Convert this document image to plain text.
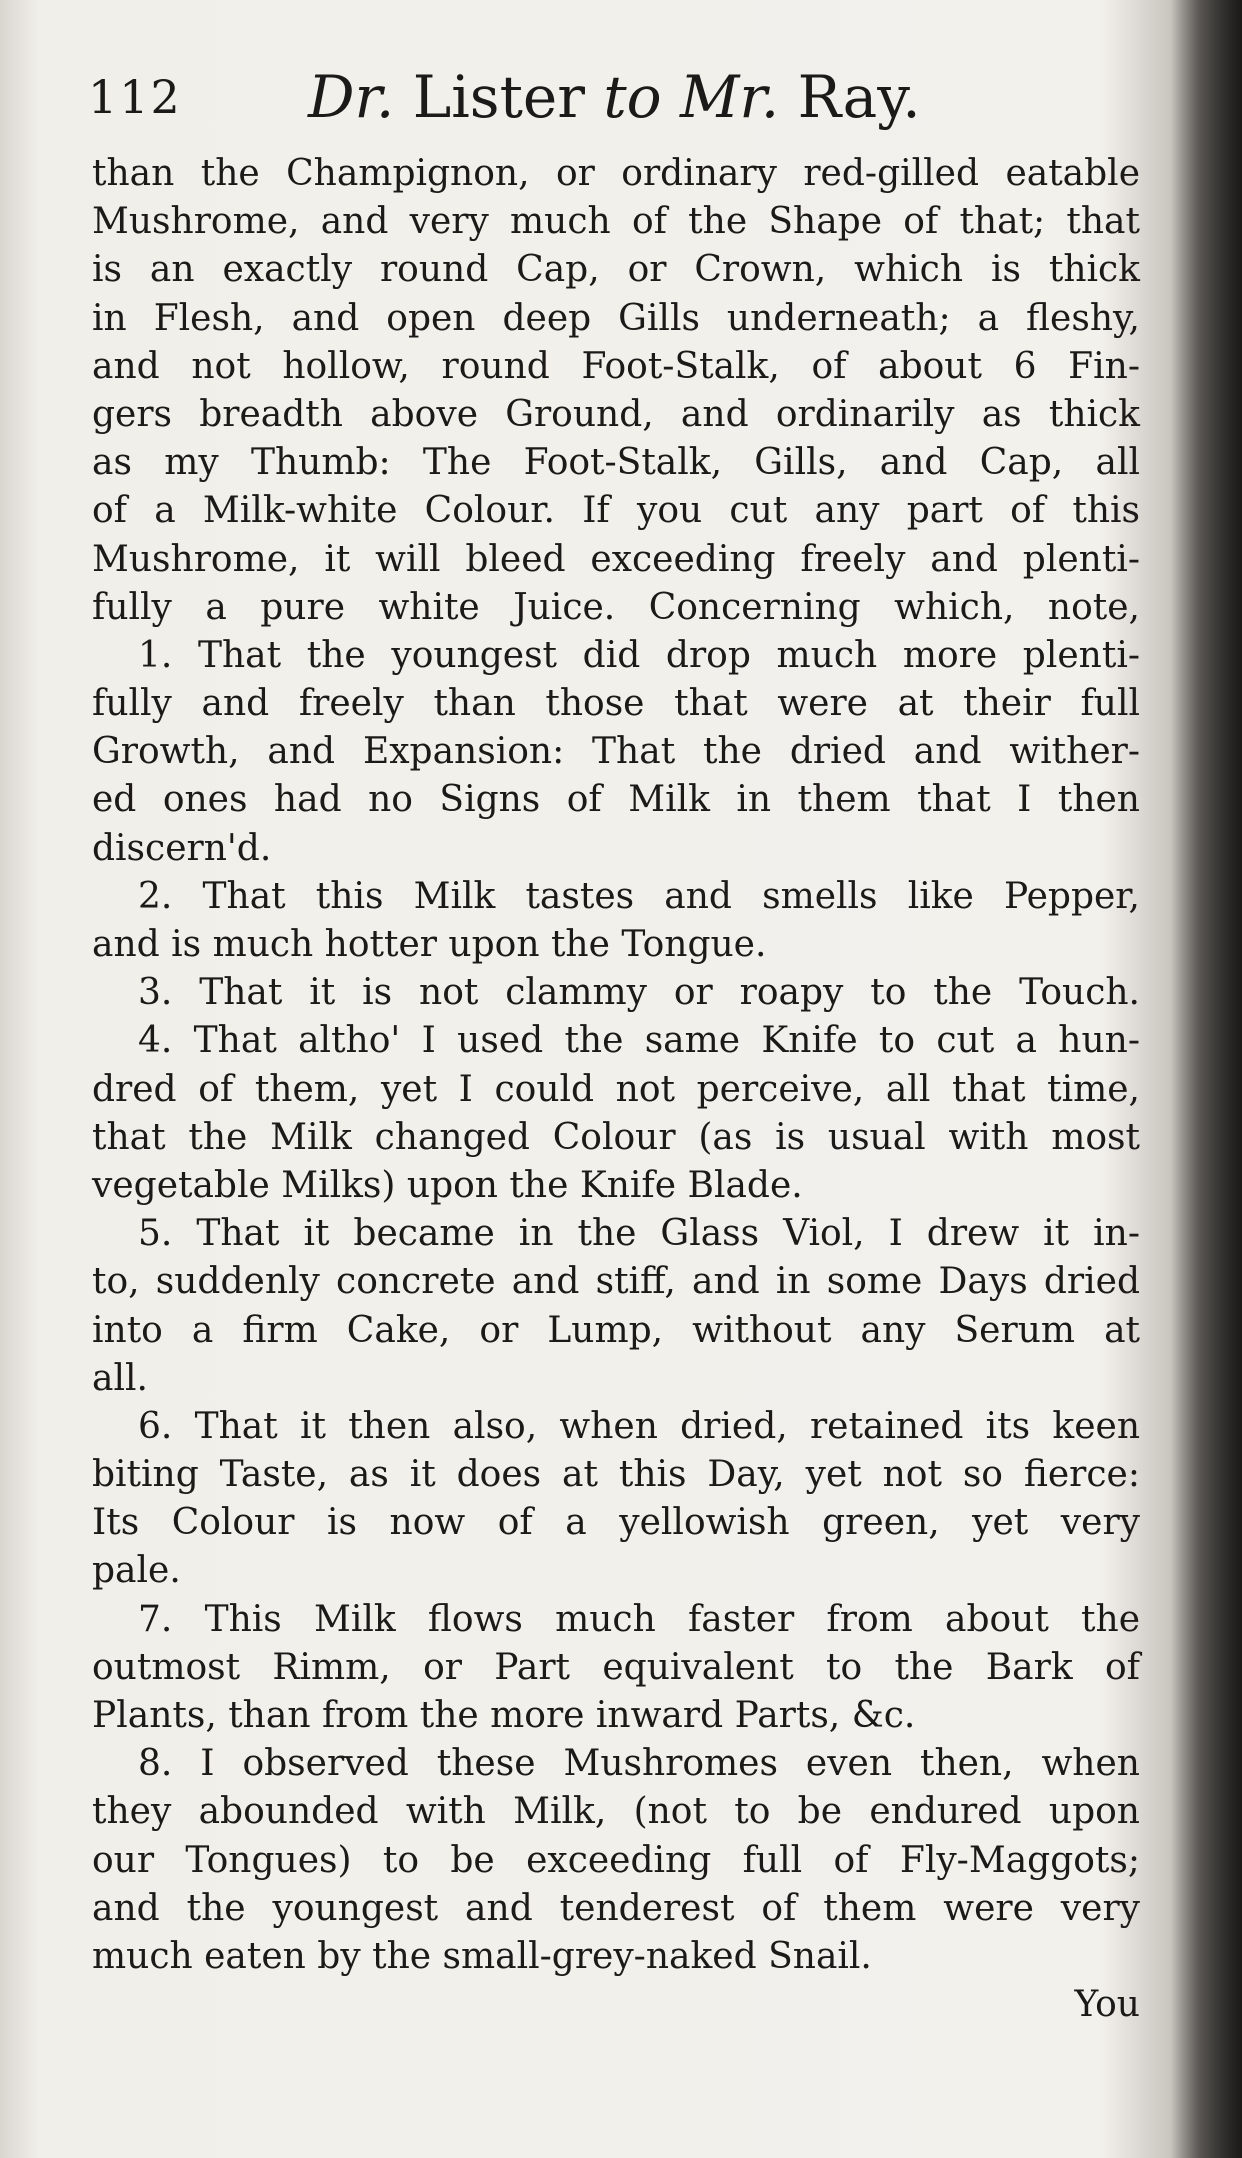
112 Dr. Lister to Mr. Ray.
than the Champignon, or ordinary red-gilled eatable
Mushrome, and very much of the Shape of that; that
is an exactly round Cap, or Crown, which is thick
in Flesh, and open deep Gills underneath; a fleshy,
and not hollow, round Foot-Stalk, of about 6 Fin-
gers breadth above Ground, and ordinarily as thick
as my Thumb: The Foot-Stalk, Gills, and Cap, all
of a Milk-white Colour. If you cut any part of this
Mushrome, it will bleed exceeding freely and plenti-
fully a pure white Juice. Concerning which, note,
1. That the youngest did drop much more plenti-
fully and freely than those that were at their full
Growth, and Expansion: That the dried and wither-
ed ones had no Signs of Milk in them that I then
discern'd.
2. That this Milk tastes and smells like Pepper,
and is much hotter upon the Tongue.
3. That it is not clammy or roapy to the Touch.
4. That altho' I used the same Knife to cut a hun-
dred of them, yet I could not perceive, all that time,
that the Milk changed Colour (as is usual with most
vegetable Milks) upon the Knife Blade.
5. That it became in the Glass Viol, I drew it in-
to, suddenly concrete and stiff, and in some Days dried
into a firm Cake, or Lump, without any Serum at
all.
6. That it then also, when dried, retained its keen
biting Taste, as it does at this Day, yet not so fierce:
Its Colour is now of a yellowish green, yet very
pale.
7. This Milk flows much faster from about the
outmost Rimm, or Part equivalent to the Bark of
Plants, than from the more inward Parts, &c.
8. I observed these Mushromes even then, when
they abounded with Milk, (not to be endured upon
our Tongues) to be exceeding full of Fly-Maggots;
and the youngest and tenderest of them were very
much eaten by the small-grey-naked Snail.
You
